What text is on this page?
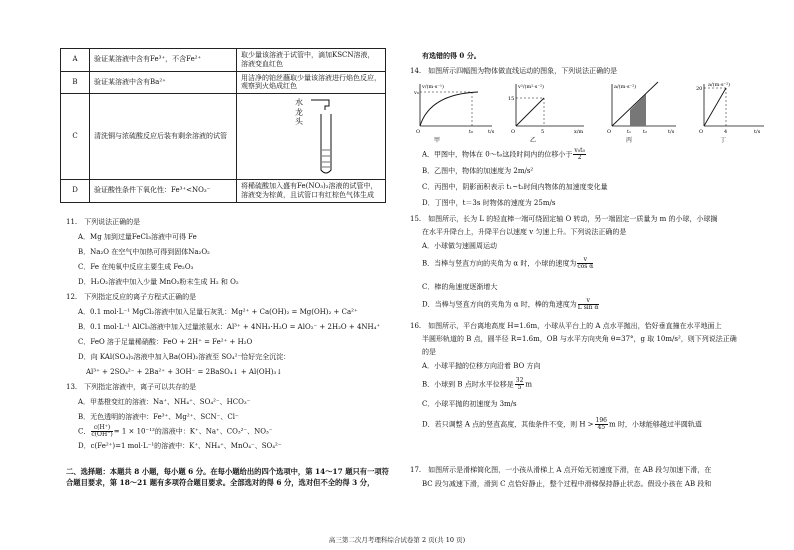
A	验证某溶液中含有Fe³⁺，不含Fe²⁺	取少量该溶液于试管中，滴加KSCN溶液，溶液变血红色
B	验证某溶液中含有Ba²⁺	用洁净的铂丝蘸取少量该溶液进行焰色反应，观察到火焰成红色
C	清洗铜与浓硫酸反应后装有剩余溶液的试管	水 龙 头

D	验证酸性条件下氧化性：Fe³⁺<NO₃⁻	将稀硫酸加入盛有Fe(NO₃)₂溶液的试管中，溶液变为棕黄，且试管口有红棕色气体生成
11.　下列说法正确的是
A．Mg 加到过量FeCl₃溶液中可得 Fe
B．Na₂O 在空气中加热可得到固体Na₂O₂
C．Fe 在纯氧中反应主要生成 Fe₂O₃
D．H₂O₂溶液中加入少量 MnO₂粉末生成 H₂ 和 O₂
12.　下列指定反应的离子方程式正确的是
A．0.1 mol·L⁻¹ MgCl₂溶液中加入足量石灰乳：Mg²⁺ + Ca(OH)₂ = Mg(OH)₂ + Ca²⁺
B．0.1 mol·L⁻¹ AlCl₃溶液中加入过量浓氨水：Al³⁺ + 4NH₃·H₂O = AlO₂⁻ + 2H₂O + 4NH₄⁺
C．FeO 溶于足量稀硝酸：FeO + 2H⁺ = Fe²⁺ + H₂O
D．向 KAl(SO₄)₂溶液中加入Ba(OH)₂溶液至 SO₄²⁻恰好完全沉淀：
Al³⁺ + 2SO₄²⁻ + 2Ba²⁺ + 3OH⁻ = 2BaSO₄↓ + Al(OH)₃↓
13.　下列指定溶液中，离子可以共存的是
A．甲基橙变红的溶液：Na⁺、NH₄⁺、SO₄²⁻、HCO₃⁻
B．无色透明的溶液中：Fe³⁺、Mg²⁺、SCN⁻、Cl⁻
C． $\frac{c(H^+)}{c(OH^-)} = 1 \times 10^{-12}$的溶液中：K⁺、Na⁺、CO₃²⁻、NO₃⁻
D．c(Fe²⁺)=1 mol·L⁻¹的溶液中：K⁺、NH₄⁺、MnO₄⁻、SO₄²⁻
二、选择题：本题共 8 小题，每小题 6 分。在每小题给出的四个选项中，第 14～17 题只有一项符合题目要求，第 18～21 题有多项符合题目要求。全部选对的得 6 分，选对但不全的得 3 分，
有选错的得 0 分。
14.　如图所示四幅图为物体做直线运动的图象，下列说法正确的是
v/(m·s⁻¹)
v₀
t₀	t/s
O
v²/(m²·s⁻²)
15
5	x/m
O
a/(m·s⁻²)
t₁ t₂	t/s
O
a/(m·s⁻²)
20
4	t/s
O
甲	乙	丙	丁
A．甲图中，物体在 0～t₀这段时间内的位移小于 $\frac{\text{v₀t₀}}{2}$
B．乙图中，物体的加速度为 2m/s²
C．丙图中，阴影面积表示 t₁~t₂时间内物体的加速度变化量
D．丁图中，t＝3s 时物体的速度为 25m/s
15.　如图所示，长为 L 的轻直棒一端可绕固定轴 O 转动，另一端固定一质量为 m 的小球，小球搁
在水平升降台上，升降平台以速度 v 匀速上升。下列说法正确的是
A．小球做匀速圆周运动
B．当棒与竖直方向的夹角为 α 时，小球的速度为 $\frac{v}{\text{cos α}}$
C．棒的角速度逐渐增大
D．当棒与竖直方向的夹角为 α 时，棒的角速度为 $\frac{v}{\text{L sin α}}$
16.　如图所示，平台离地高度 H=1.6m，小球从平台上的 A 点水平抛出，恰好垂直撞在水平地面上
半圆形轨道的 B 点，圆半径 R=1.6m，OB 与水平方向夹角 θ=37°，g 取 10m/s²，则下列说法正确
的是
A．小球平抛的位移方向沿着 BO 方向
B．小球到 B 点时水平位移是 $\frac{32}{5}$ m
C．小球平抛的初速度为 3m/s
D．若只调整 A 点的竖直高度，其他条件不变，则 $H > \frac{196}{45}$ m 时，小球能够越过半圆轨道
17.　如图所示是滑梯简化图，一小孩从滑梯上 A 点开始无初速度下滑，在 AB 段匀加速下滑，在
BC 段匀减速下滑，滑到 C 点恰好静止，整个过程中滑梯保持静止状态。假设小孩在 AB 段和
高三第二次月考理科综合试卷第 2 页(共 10 页)
